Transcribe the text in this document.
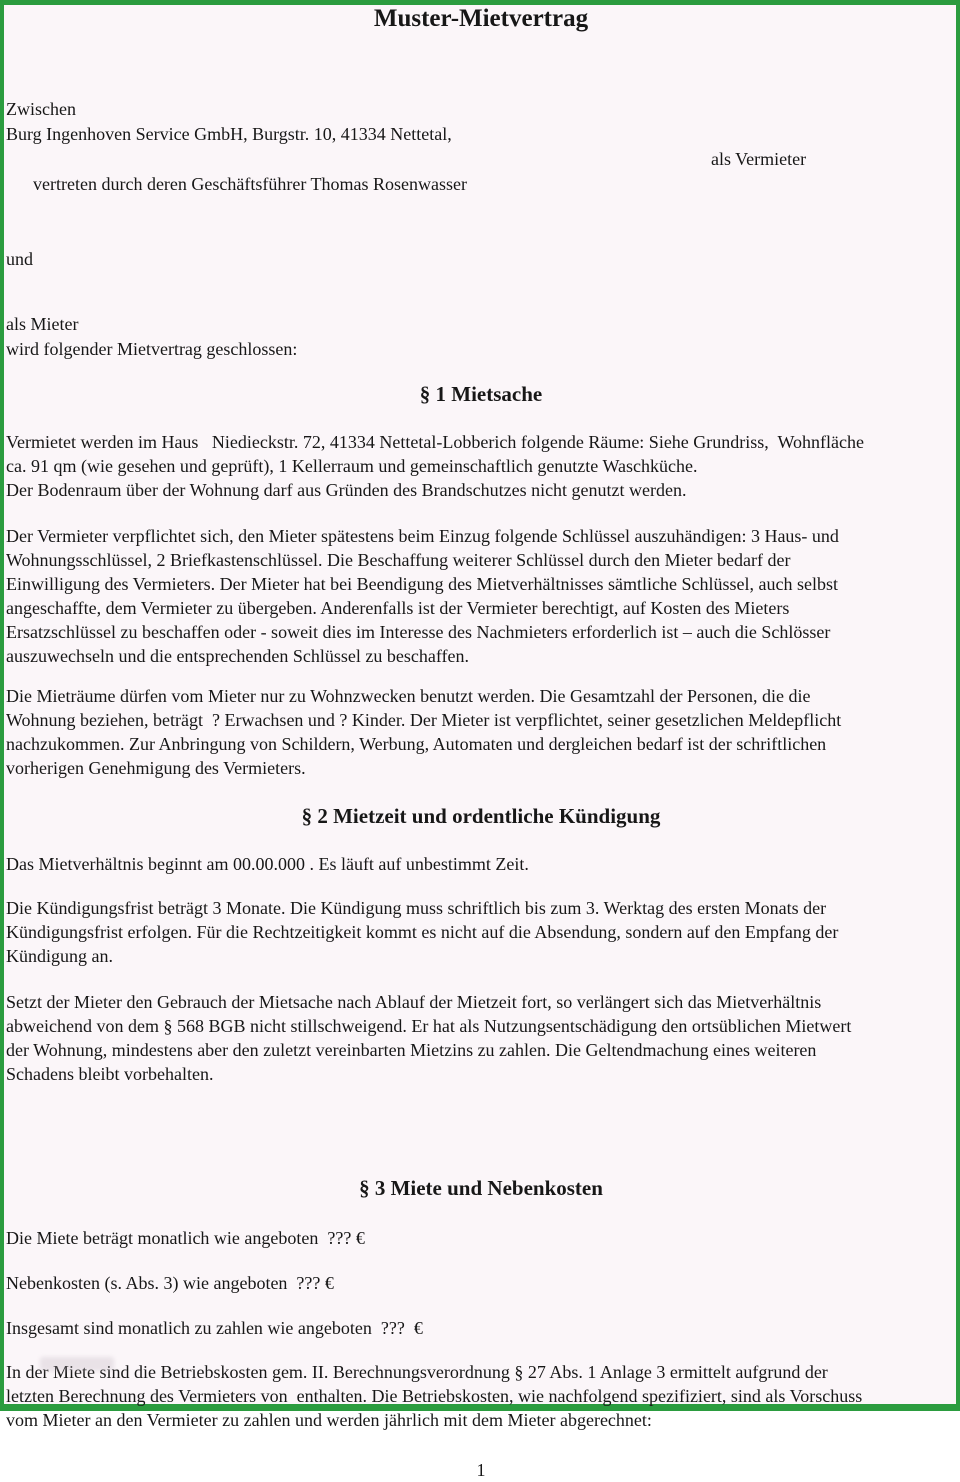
Muster-Mietvertrag
Zwischen
Burg Ingenhoven Service GmbH, Burgstr. 10, 41334 Nettetal,

vertreten durch deren Geschäftsführer Thomas Rosenwasser

als Vermieter

und
als Mieter
wird folgender Mietvertrag geschlossen:
§ 1 Mietsache
Vermietet werden im Haus   Niedieckstr. 72, 41334 Nettetal-Lobberich folgende Räume: Siehe Grundriss,  Wohnfläche
ca. 91 qm (wie gesehen und geprüft), 1 Kellerraum und gemeinschaftlich genutzte Waschküche.
Der Bodenraum über der Wohnung darf aus Gründen des Brandschutzes nicht genutzt werden.
Der Vermieter verpflichtet sich, den Mieter spätestens beim Einzug folgende Schlüssel auszuhändigen: 3 Haus- und
Wohnungsschlüssel, 2 Briefkastenschlüssel. Die Beschaffung weiterer Schlüssel durch den Mieter bedarf der
Einwilligung des Vermieters. Der Mieter hat bei Beendigung des Mietverhältnisses sämtliche Schlüssel, auch selbst
angeschaffte, dem Vermieter zu übergeben. Anderenfalls ist der Vermieter berechtigt, auf Kosten des Mieters
Ersatzschlüssel zu beschaffen oder - soweit dies im Interesse des Nachmieters erforderlich ist – auch die Schlösser
auszuwechseln und die entsprechenden Schlüssel zu beschaffen.
Die Mieträume dürfen vom Mieter nur zu Wohnzwecken benutzt werden. Die Gesamtzahl der Personen, die die
Wohnung beziehen, beträgt  ? Erwachsen und ? Kinder. Der Mieter ist verpflichtet, seiner gesetzlichen Meldepflicht
nachzukommen. Zur Anbringung von Schildern, Werbung, Automaten und dergleichen bedarf ist der schriftlichen
vorherigen Genehmigung des Vermieters.
§ 2 Mietzeit und ordentliche Kündigung
Das Mietverhältnis beginnt am 00.00.000 . Es läuft auf unbestimmt Zeit.
Die Kündigungsfrist beträgt 3 Monate. Die Kündigung muss schriftlich bis zum 3. Werktag des ersten Monats der
Kündigungsfrist erfolgen. Für die Rechtzeitigkeit kommt es nicht auf die Absendung, sondern auf den Empfang der
Kündigung an.
Setzt der Mieter den Gebrauch der Mietsache nach Ablauf der Mietzeit fort, so verlängert sich das Mietverhältnis
abweichend von dem § 568 BGB nicht stillschweigend. Er hat als Nutzungsentschädigung den ortsüblichen Mietwert
der Wohnung, mindestens aber den zuletzt vereinbarten Mietzins zu zahlen. Die Geltendmachung eines weiteren
Schadens bleibt vorbehalten.
§ 3 Miete und Nebenkosten
Die Miete beträgt monatlich wie angeboten  ??? €
Nebenkosten (s. Abs. 3) wie angeboten  ??? €
Insgesamt sind monatlich zu zahlen wie angeboten  ???  €
In der Miete sind die Betriebskosten gem. II. Berechnungsverordnung § 27 Abs. 1 Anlage 3 ermittelt aufgrund der
letzten Berechnung des Vermieters von  enthalten. Die Betriebskosten, wie nachfolgend spezifiziert, sind als Vorschuss
vom Mieter an den Vermieter zu zahlen und werden jährlich mit dem Mieter abgerechnet:
1
